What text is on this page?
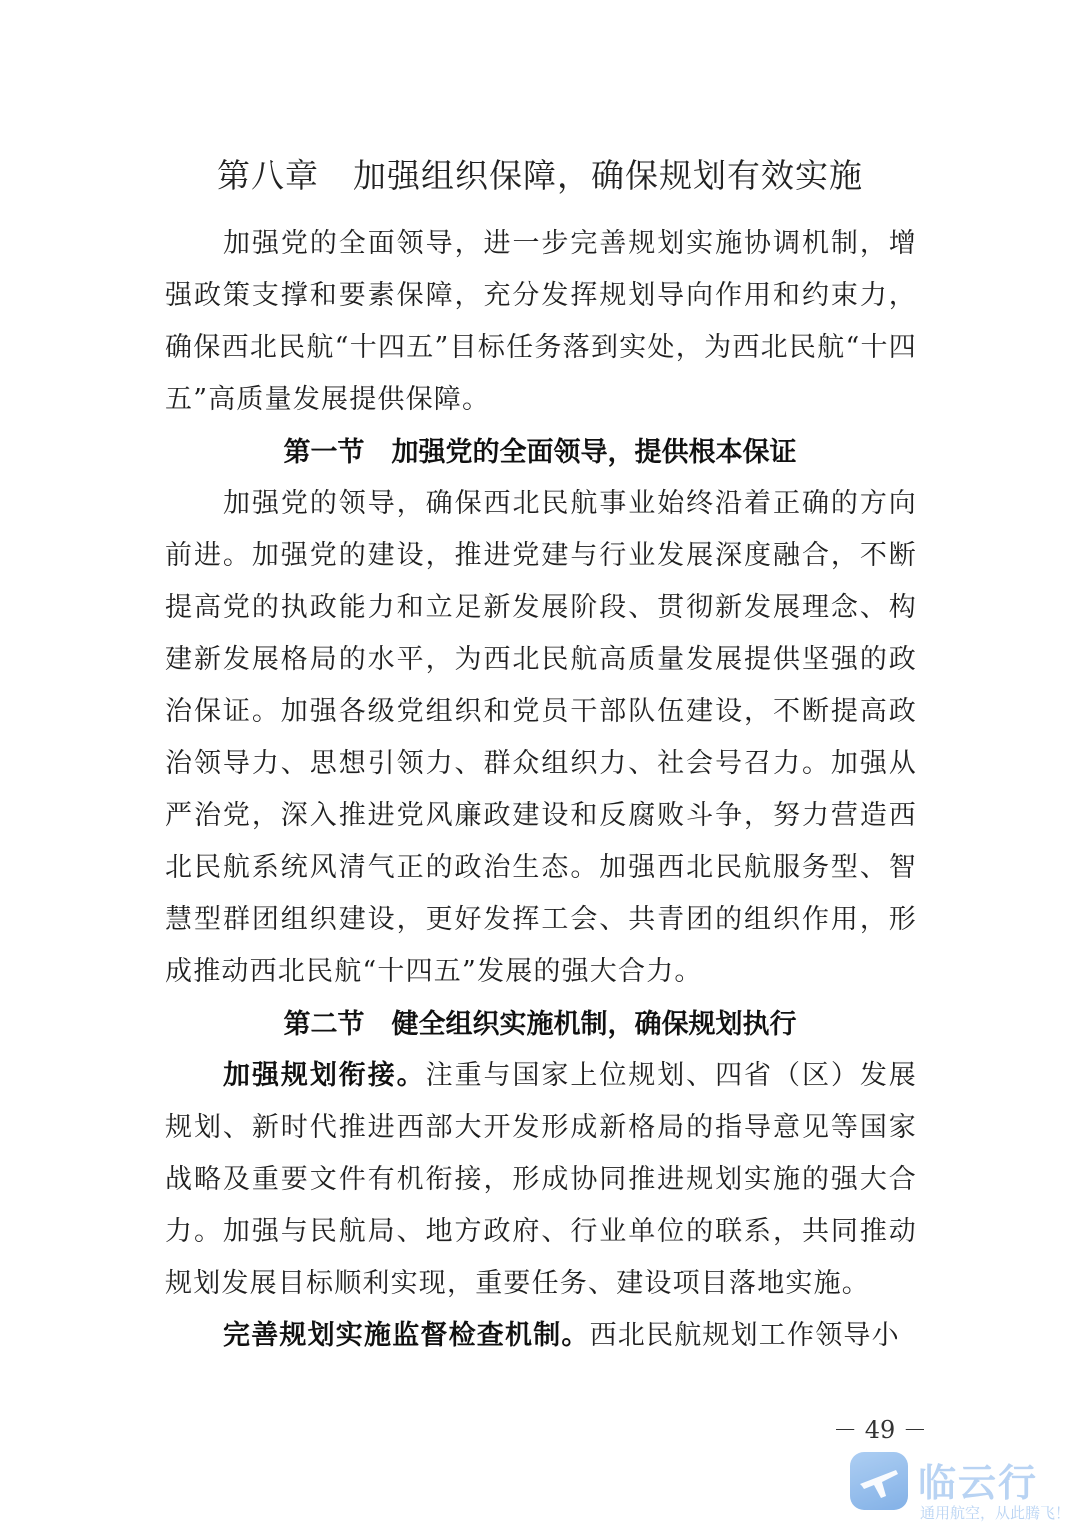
第八章　加强组织保障，确保规划有效实施

加强党的全面领导，进一步完善规划实施协调机制，增强政策支撑和要素保障，充分发挥规划导向作用和约束力，确保西北民航“十四五”目标任务落到实处，为西北民航“十四五”高质量发展提供保障。

第一节　加强党的全面领导，提供根本保证

加强党的领导，确保西北民航事业始终沿着正确的方向前进。加强党的建设，推进党建与行业发展深度融合，不断提高党的执政能力和立足新发展阶段、贯彻新发展理念、构建新发展格局的水平，为西北民航高质量发展提供坚强的政治保证。加强各级党组织和党员干部队伍建设，不断提高政治领导力、思想引领力、群众组织力、社会号召力。加强从严治党，深入推进党风廉政建设和反腐败斗争，努力营造西北民航系统风清气正的政治生态。加强西北民航服务型、智慧型群团组织建设，更好发挥工会、共青团的组织作用，形成推动西北民航“十四五”发展的强大合力。

第二节　健全组织实施机制，确保规划执行

加强规划衔接。注重与国家上位规划、四省（区）发展规划、新时代推进西部大开发形成新格局的指导意见等国家战略及重要文件有机衔接，形成协同推进规划实施的强大合力。加强与民航局、地方政府、行业单位的联系，共同推动规划发展目标顺利实现，重要任务、建设项目落地实施。

完善规划实施监督检查机制。西北民航规划工作领导小

－ 49 －
临云行
通用航空，从此腾飞！
